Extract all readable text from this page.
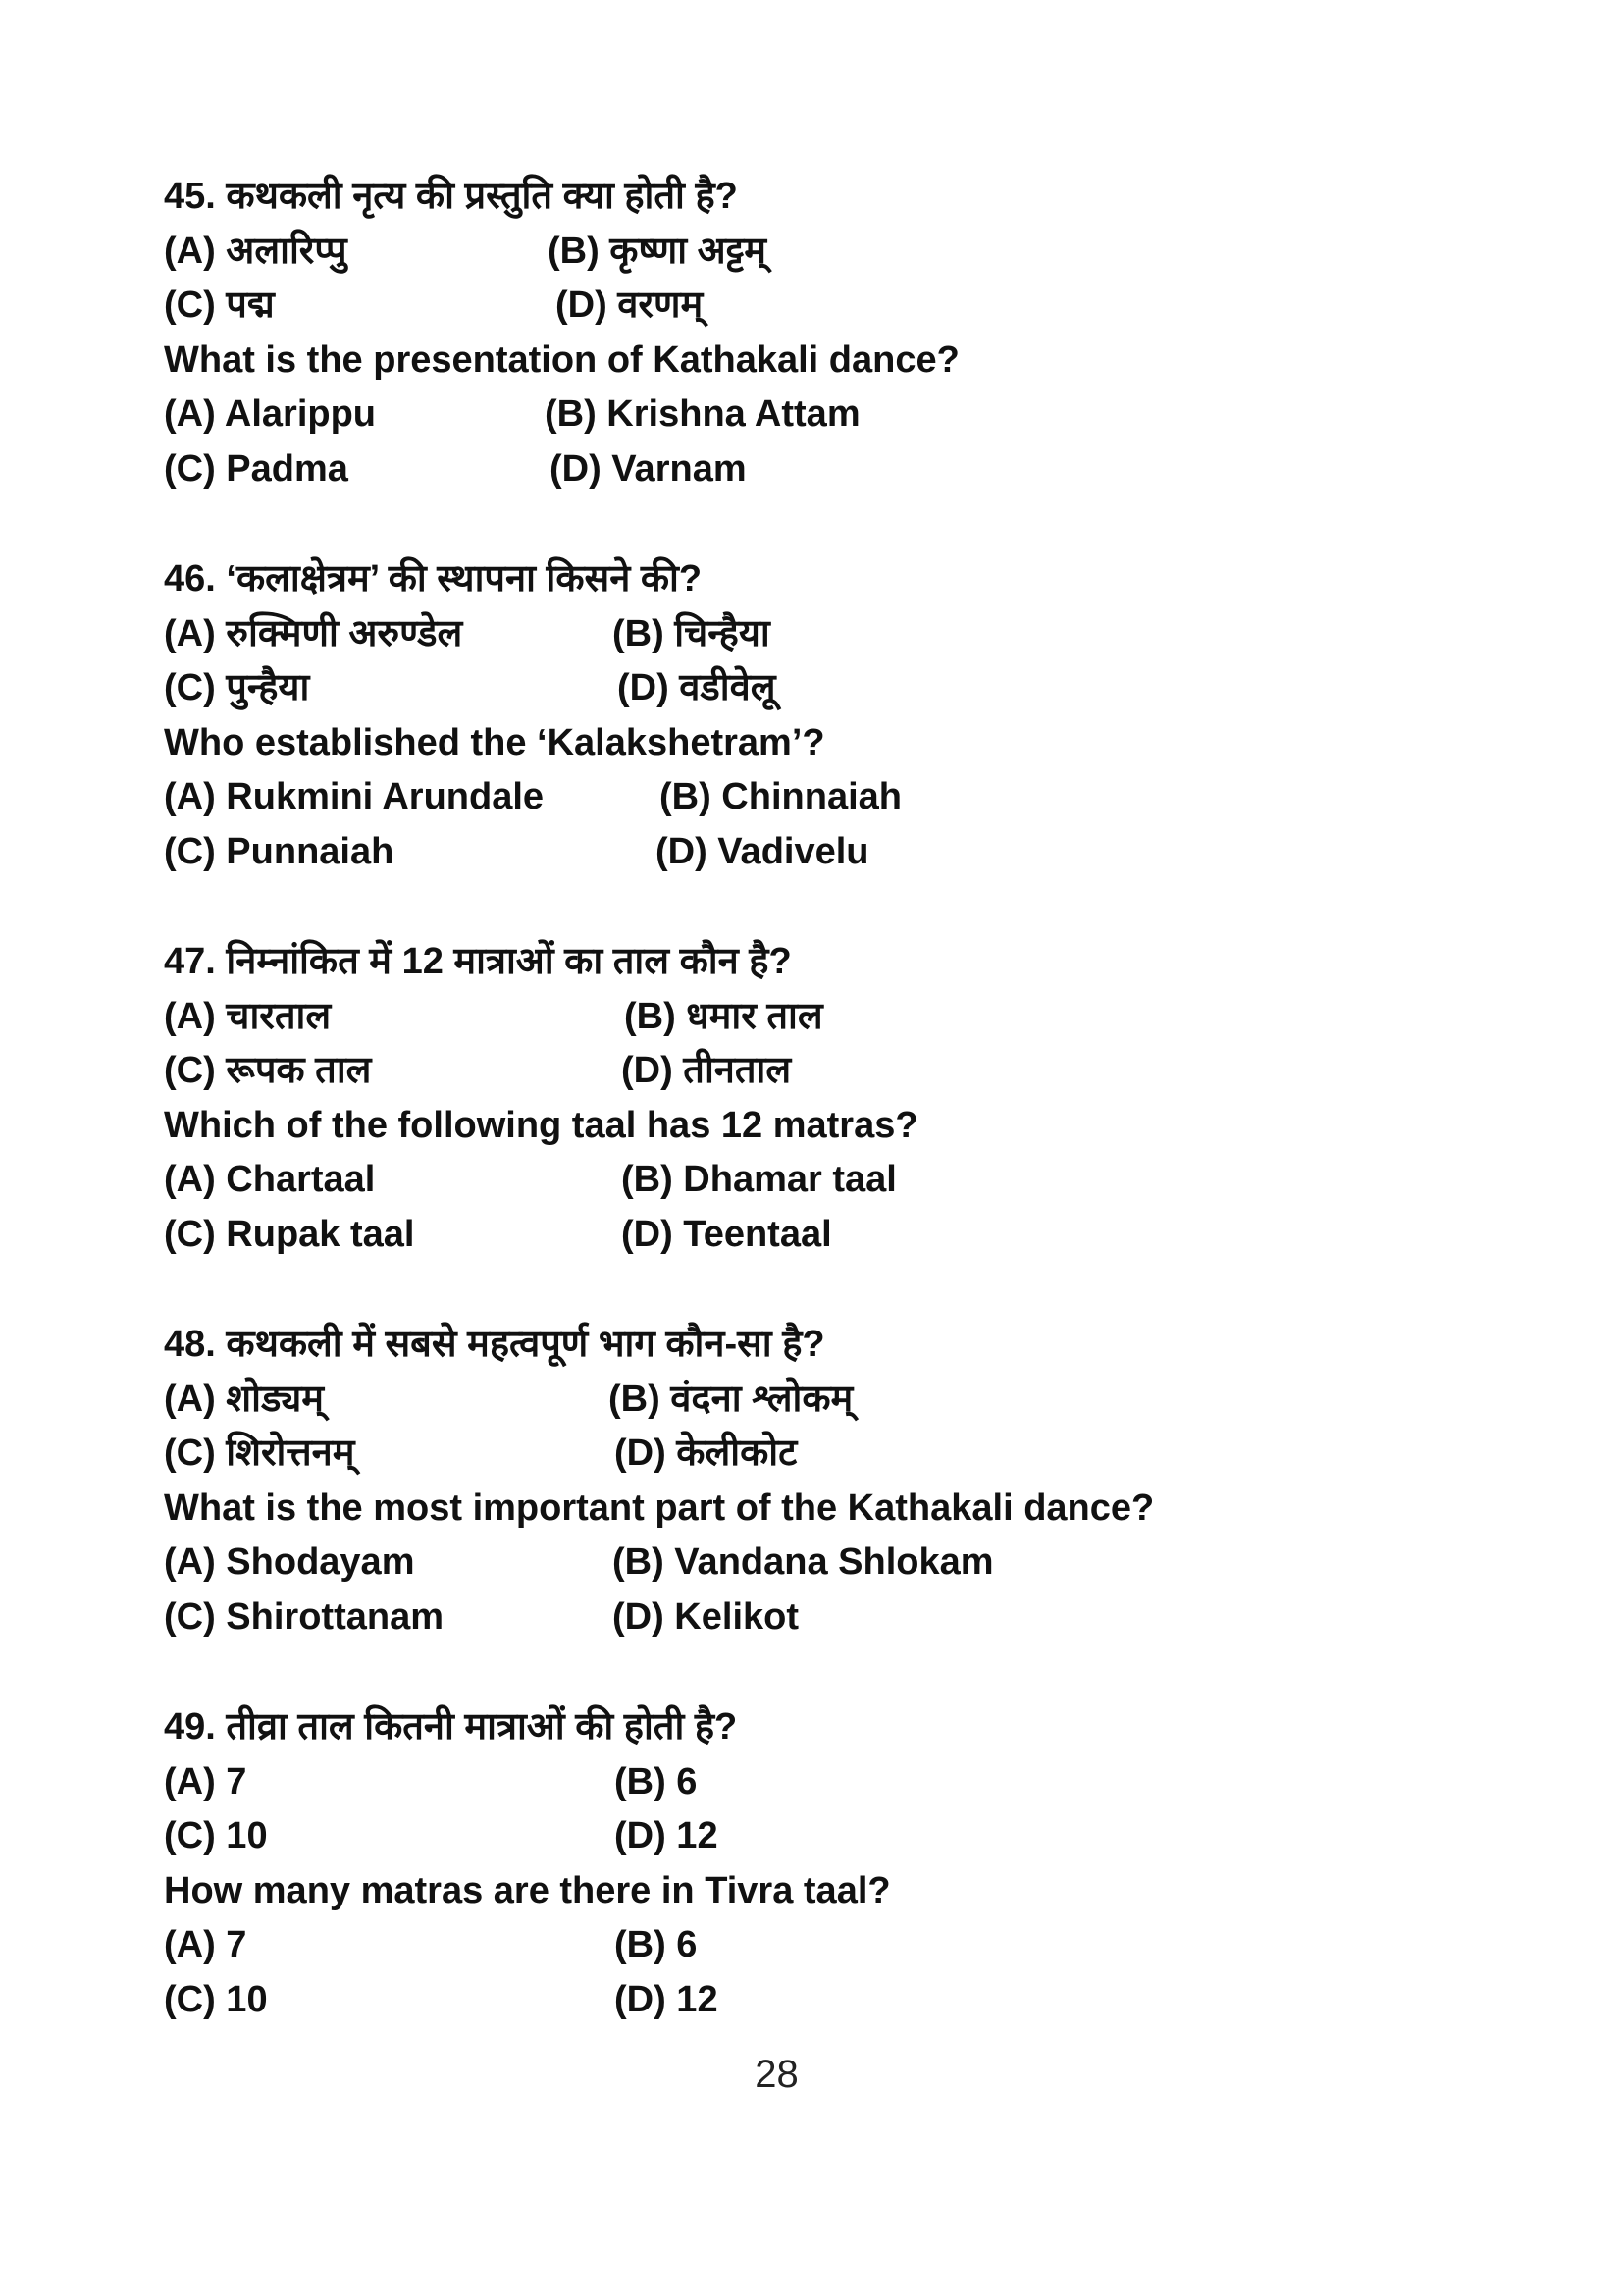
45. कथकली नृत्य की प्रस्तुति क्या होती है?
(A) अलारिप्पु	(B) कृष्णा अट्टम्
(C) पद्म	(D) वरणम्
What is the presentation of Kathakali dance?
(A) Alarippu	(B) Krishna Attam
(C) Padma	(D) Varnam
46. ‘कलाक्षेत्रम’ की स्थापना किसने की?
(A) रुक्मिणी अरुण्डेल	(B) चिन्हैया
(C) पुन्हैया	(D) वडीवेलू
Who established the ‘Kalakshetram’?
(A) Rukmini Arundale	(B) Chinnaiah
(C) Punnaiah	(D) Vadivelu
47. निम्नांकित में 12 मात्राओं का ताल कौन है?
(A) चारताल	(B) धमार ताल
(C) रूपक ताल	(D) तीनताल
Which of the following taal has 12 matras?
(A) Chartaal	(B) Dhamar taal
(C) Rupak taal	(D) Teentaal
48. कथकली में सबसे महत्वपूर्ण भाग कौन-सा है?
(A) शोड्यम्	(B) वंदना श्लोकम्
(C) शिरोत्तनम्	(D) केलीकोट
What is the most important part of the Kathakali dance?
(A) Shodayam	(B) Vandana Shlokam
(C) Shirottanam	(D) Kelikot
49. तीव्रा ताल कितनी मात्राओं की होती है?
(A) 7	(B) 6
(C) 10	(D) 12
How many matras are there in Tivra taal?
(A) 7	(B) 6
(C) 10	(D) 12
28
